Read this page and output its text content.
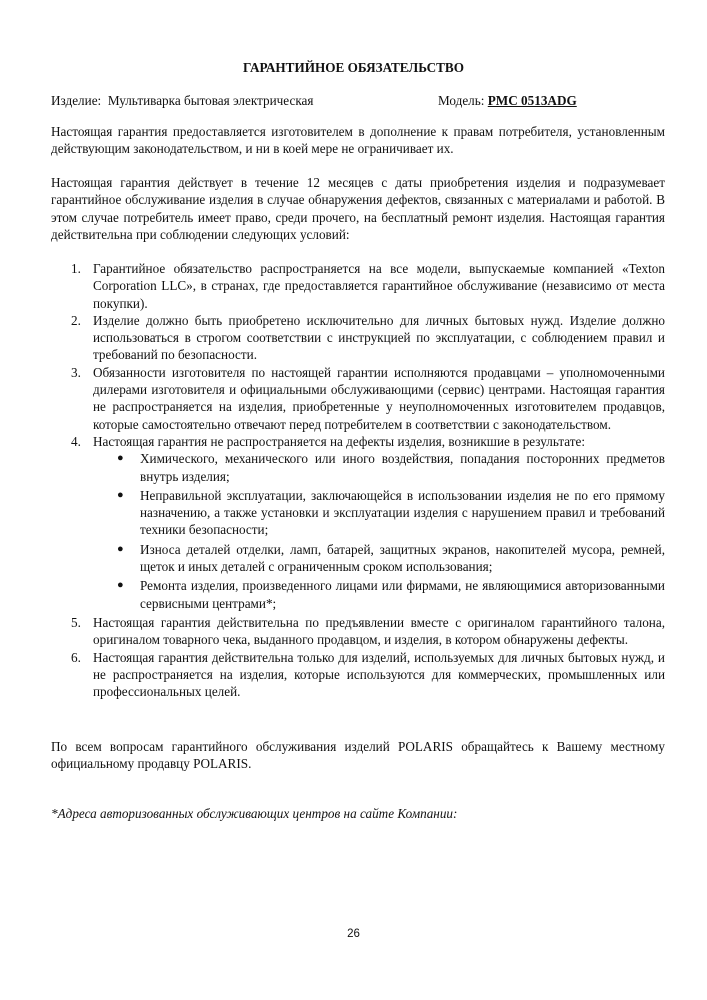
ГАРАНТИЙНОЕ ОБЯЗАТЕЛЬСТВО
Изделие: Мультиварка бытовая электрическая	Модель: PMC 0513ADG
Настоящая гарантия предоставляется изготовителем в дополнение к правам потребителя, установленным действующим законодательством, и ни в коей мере не ограничивает их.
Настоящая гарантия действует в течение 12 месяцев с даты приобретения изделия и подразумевает гарантийное обслуживание изделия в случае обнаружения дефектов, связанных с материалами и работой. В этом случае потребитель имеет право, среди прочего, на бесплатный ремонт изделия. Настоящая гарантия действительна при соблюдении следующих условий:
1. Гарантийное обязательство распространяется на все модели, выпускаемые компанией «Texton Corporation LLC», в странах, где предоставляется гарантийное обслуживание (независимо от места покупки).
2. Изделие должно быть приобретено исключительно для личных бытовых нужд. Изделие должно использоваться в строгом соответствии с инструкцией по эксплуатации, с соблюдением правил и требований по безопасности.
3. Обязанности изготовителя по настоящей гарантии исполняются продавцами – уполномоченными дилерами изготовителя и официальными обслуживающими (сервис) центрами. Настоящая гарантия не распространяется на изделия, приобретенные у неуполномоченных изготовителем продавцов, которые самостоятельно отвечают перед потребителем в соответствии с законодательством.
4. Настоящая гарантия не распространяется на дефекты изделия, возникшие в результате:
● Химического, механического или иного воздействия, попадания посторонних предметов внутрь изделия;
● Неправильной эксплуатации, заключающейся в использовании изделия не по его прямому назначению, а также установки и эксплуатации изделия с нарушением правил и требований техники безопасности;
● Износа деталей отделки, ламп, батарей, защитных экранов, накопителей мусора, ремней, щеток и иных деталей с ограниченным сроком использования;
● Ремонта изделия, произведенного лицами или фирмами, не являющимися авторизованными сервисными центрами*;
5. Настоящая гарантия действительна по предъявлении вместе с оригиналом гарантийного талона, оригиналом товарного чека, выданного продавцом, и изделия, в котором обнаружены дефекты.
6. Настоящая гарантия действительна только для изделий, используемых для личных бытовых нужд, и не распространяется на изделия, которые используются для коммерческих, промышленных или профессиональных целей.
По всем вопросам гарантийного обслуживания изделий POLARIS обращайтесь к Вашему местному официальному продавцу POLARIS.
*Адреса авторизованных обслуживающих центров на сайте Компании:
26
